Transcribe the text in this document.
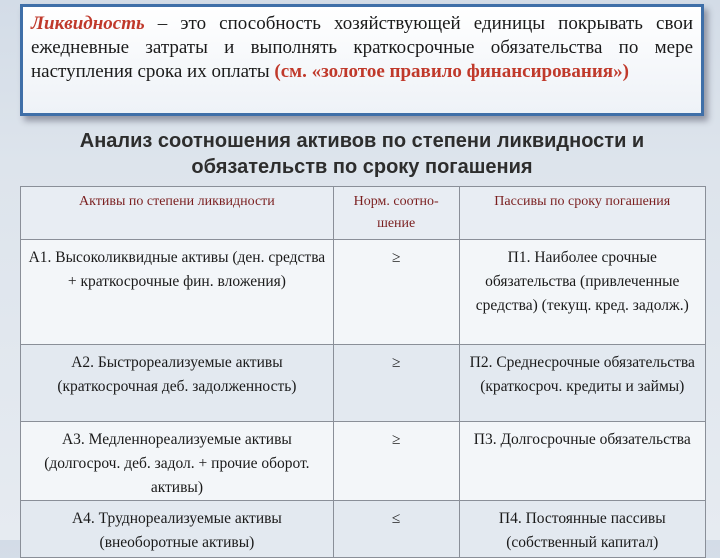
Ликвидность – это способность хозяйствующей единицы покрывать свои ежедневные затраты и выполнять краткосрочные обязательства по мере наступления срока их оплаты (см. «золотое правило финансирования»)
Анализ соотношения активов по степени ликвидности и
обязательств по сроку погашения
Активы по степени ликвидности	Норм. соотно-шение	Пассивы по сроку погашения
А1. Высоколиквидные активы (ден. средства + краткосрочные фин. вложения)	≥	П1. Наиболее срочные обязательства (привлеченные средства) (текущ. кред. задолж.)
А2. Быстрореализуемые активы (краткосрочная деб. задолженность)	≥	П2. Среднесрочные обязательства (краткосроч. кредиты и займы)
А3. Медленнореализуемые активы (долгосроч. деб. задол. + прочие оборот. активы)	≥	П3. Долгосрочные обязательства
А4. Труднореализуемые активы (внеоборотные активы)	≤	П4. Постоянные пассивы (собственный капитал)
